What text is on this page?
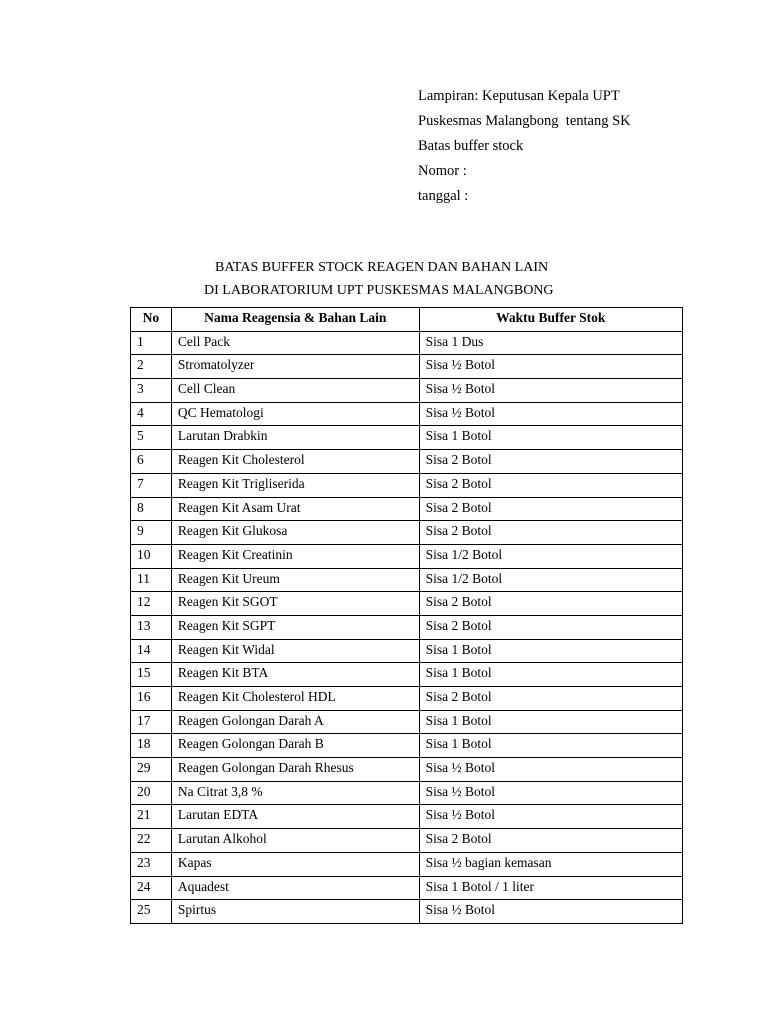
Lampiran: Keputusan Kepala UPT
Puskesmas Malangbong  tentang SK
Batas buffer stock
Nomor :
tanggal :
BATAS BUFFER STOCK REAGEN DAN BAHAN LAIN
DI LABORATORIUM UPT PUSKESMAS MALANGBONG
No	Nama Reagensia & Bahan Lain	Waktu Buffer Stok
1	Cell Pack	Sisa 1 Dus
2	Stromatolyzer	Sisa ½ Botol
3	Cell Clean	Sisa ½ Botol
4	QC Hematologi	Sisa ½ Botol
5	Larutan Drabkin	Sisa 1 Botol
6	Reagen Kit Cholesterol	Sisa 2 Botol
7	Reagen Kit Trigliserida	Sisa 2 Botol
8	Reagen Kit Asam Urat	Sisa 2 Botol
9	Reagen Kit Glukosa	Sisa 2 Botol
10	Reagen Kit Creatinin	Sisa 1/2 Botol
11	Reagen Kit Ureum	Sisa 1/2 Botol
12	Reagen Kit SGOT	Sisa 2 Botol
13	Reagen Kit SGPT	Sisa 2 Botol
14	Reagen Kit Widal	Sisa 1 Botol
15	Reagen Kit BTA	Sisa 1 Botol
16	Reagen Kit Cholesterol HDL	Sisa 2 Botol
17	Reagen Golongan Darah A	Sisa 1 Botol
18	Reagen Golongan Darah B	Sisa 1 Botol
29	Reagen Golongan Darah Rhesus	Sisa ½ Botol
20	Na Citrat 3,8 %	Sisa ½ Botol
21	Larutan EDTA	Sisa ½ Botol
22	Larutan Alkohol	Sisa 2 Botol
23	Kapas	Sisa ½ bagian kemasan
24	Aquadest	Sisa 1 Botol / 1 liter
25	Spirtus	Sisa ½ Botol
